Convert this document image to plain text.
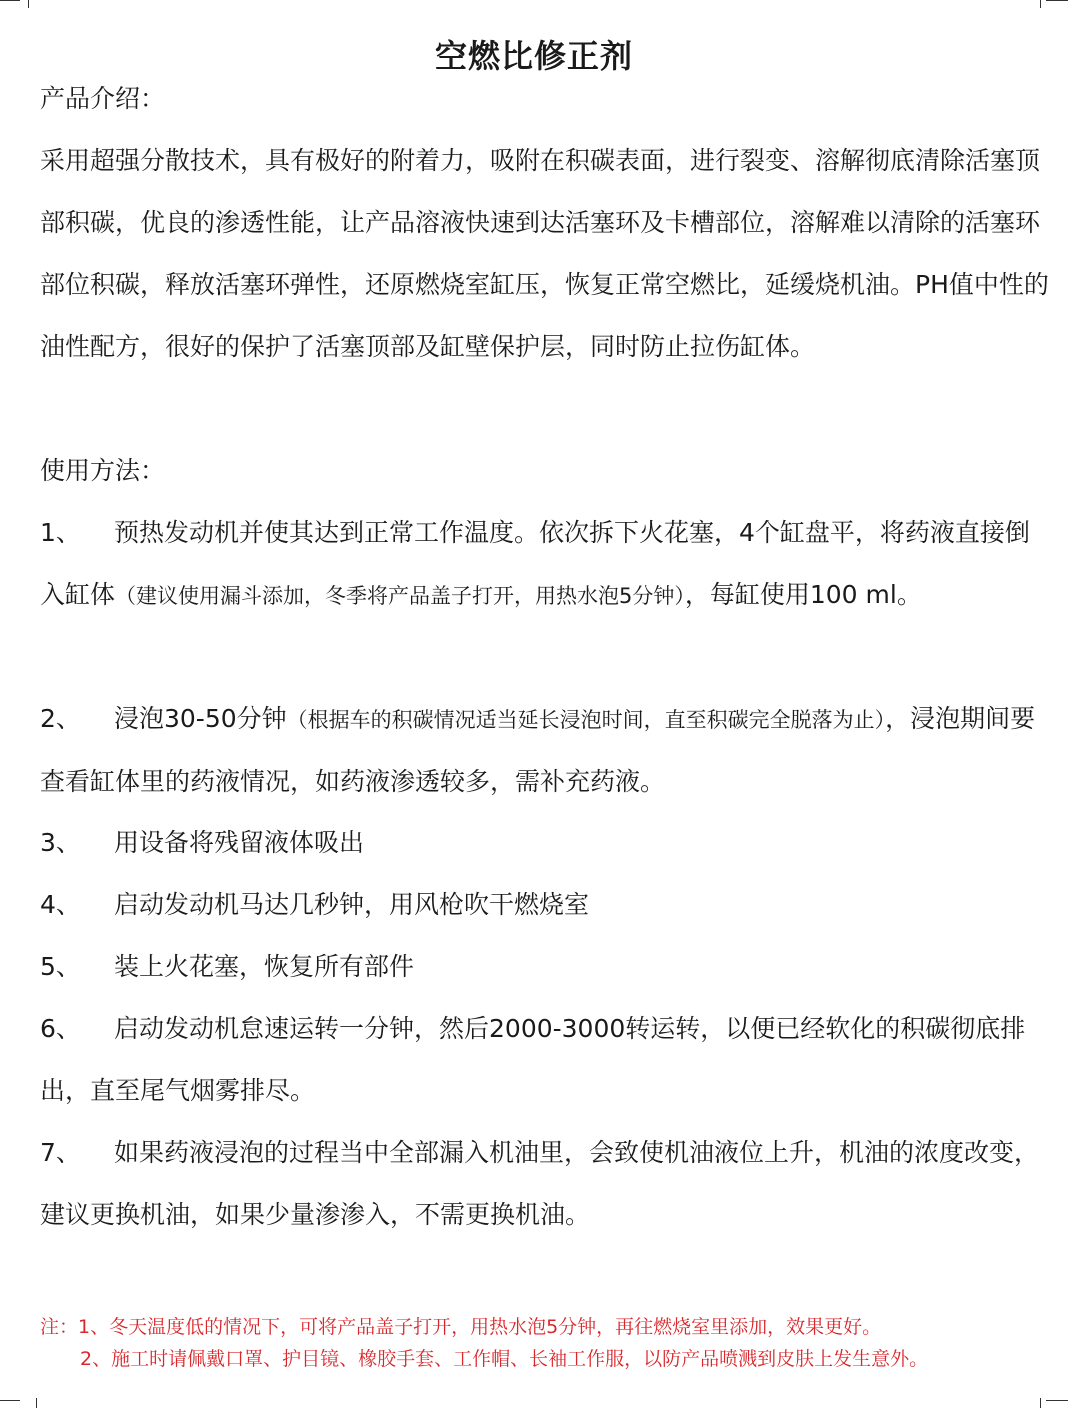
空燃比修正剂
产品介绍：

采用超强分散技术，具有极好的附着力，吸附在积碳表面，进行裂变、溶解彻底清除活塞顶部积碳，优良的渗透性能，让产品溶液快速到达活塞环及卡槽部位，溶解难以清除的活塞环部位积碳，释放活塞环弹性，还原燃烧室缸压，恢复正常空燃比，延缓烧机油。PH值中性的油性配方，很好的保护了活塞顶部及缸壁保护层，同时防止拉伤缸体。

使用方法：
1、 预热发动机并使其达到正常工作温度。依次拆下火花塞，4个缸盘平，将药液直接倒入缸体（建议使用漏斗添加，冬季将产品盖子打开，用热水泡5分钟），每缸使用100 ml。
2、 浸泡30-50分钟（根据车的积碳情况适当延长浸泡时间，直至积碳完全脱落为止），浸泡期间要查看缸体里的药液情况，如药液渗透较多，需补充药液。
3、 用设备将残留液体吸出
4、 启动发动机马达几秒钟，用风枪吹干燃烧室
5、 装上火花塞，恢复所有部件
6、 启动发动机怠速运转一分钟，然后2000-3000转运转，以便已经软化的积碳彻底排出，直至尾气烟雾排尽。
7、 如果药液浸泡的过程当中全部漏入机油里，会致使机油液位上升，机油的浓度改变，建议更换机油，如果少量渗渗入，不需更换机油。
注：1、冬天温度低的情况下，可将产品盖子打开，用热水泡5分钟，再往燃烧室里添加，效果更好。
2、施工时请佩戴口罩、护目镜、橡胶手套、工作帽、长袖工作服，以防产品喷溅到皮肤上发生意外。
